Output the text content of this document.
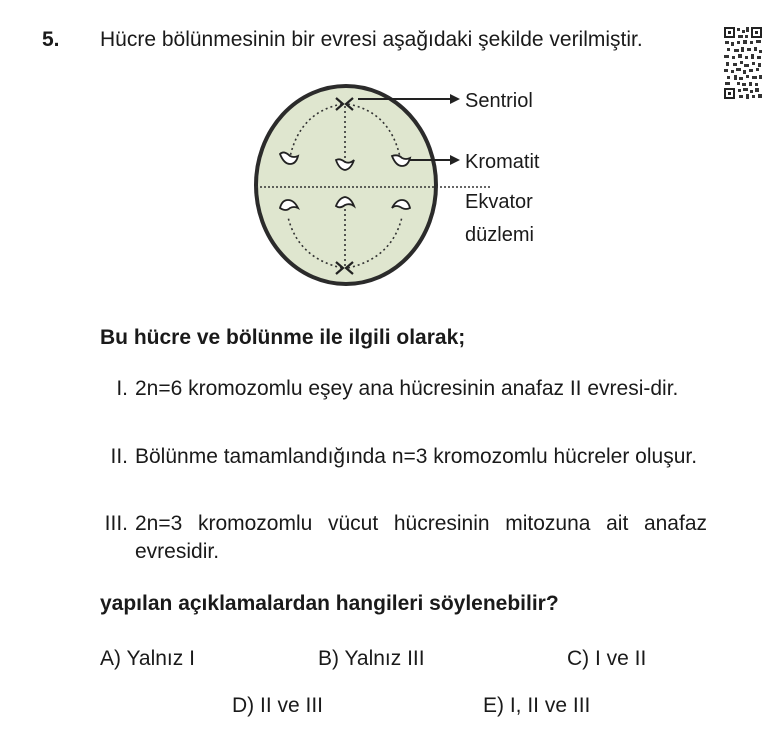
5. Hücre bölünmesinin bir evresi aşağıdaki şekilde verilmiştir.
Sentriol
Kromatit
Ekvator
düzlemi
Bu hücre ve bölünme ile ilgili olarak;
I. 2n=6 kromozomlu eşey ana hücresinin anafaz II evresi-dir.
II. Bölünme tamamlandığında n=3 kromozomlu hücreler oluşur.
III. 2n=3 kromozomlu vücut hücresinin mitozuna ait anafaz evresidir.
yapılan açıklamalardan hangileri söylenebilir?
A) Yalnız I	B) Yalnız III	C) I ve II
D) II ve III	E) I, II ve III
